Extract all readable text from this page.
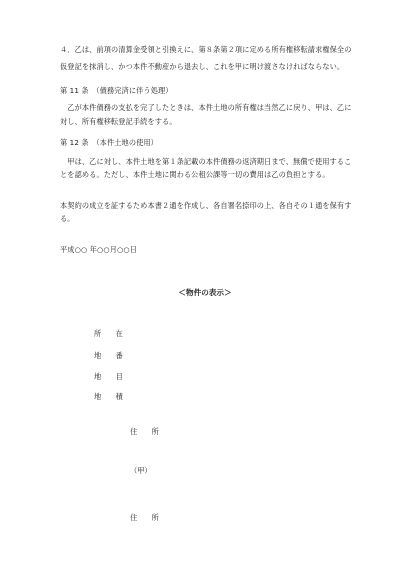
４．乙は、前項の清算金受領と引換えに、第８条第２項に定める所有権移転請求権保全の
仮登記を抹消し、かつ本件不動産から退去し、これを甲に明け渡さなければならない。
第 11 条　（債務完済に伴う処理）
　乙が本件債務の支払を完了したときは、本件土地の所有権は当然乙に戻り、甲は、乙に
対し、所有権移転登記手続をする。
第 12 条　（本件土地の使用）
　甲は、乙に対し、本件土地を第１条記載の本件債務の返済期日まで、無償で使用するこ
とを認める。ただし、本件土地に関わる公租公課等一切の費用は乙の負担とする。
本契約の成立を証するため本書２通を作成し、各自署名捺印の上、各自その１通を保有す
る。
平成○○ 年○○月○○日
＜物件の表示＞
所　　在
地　　番
地　　目
地　　積
住　　所
（甲）
住　　所
